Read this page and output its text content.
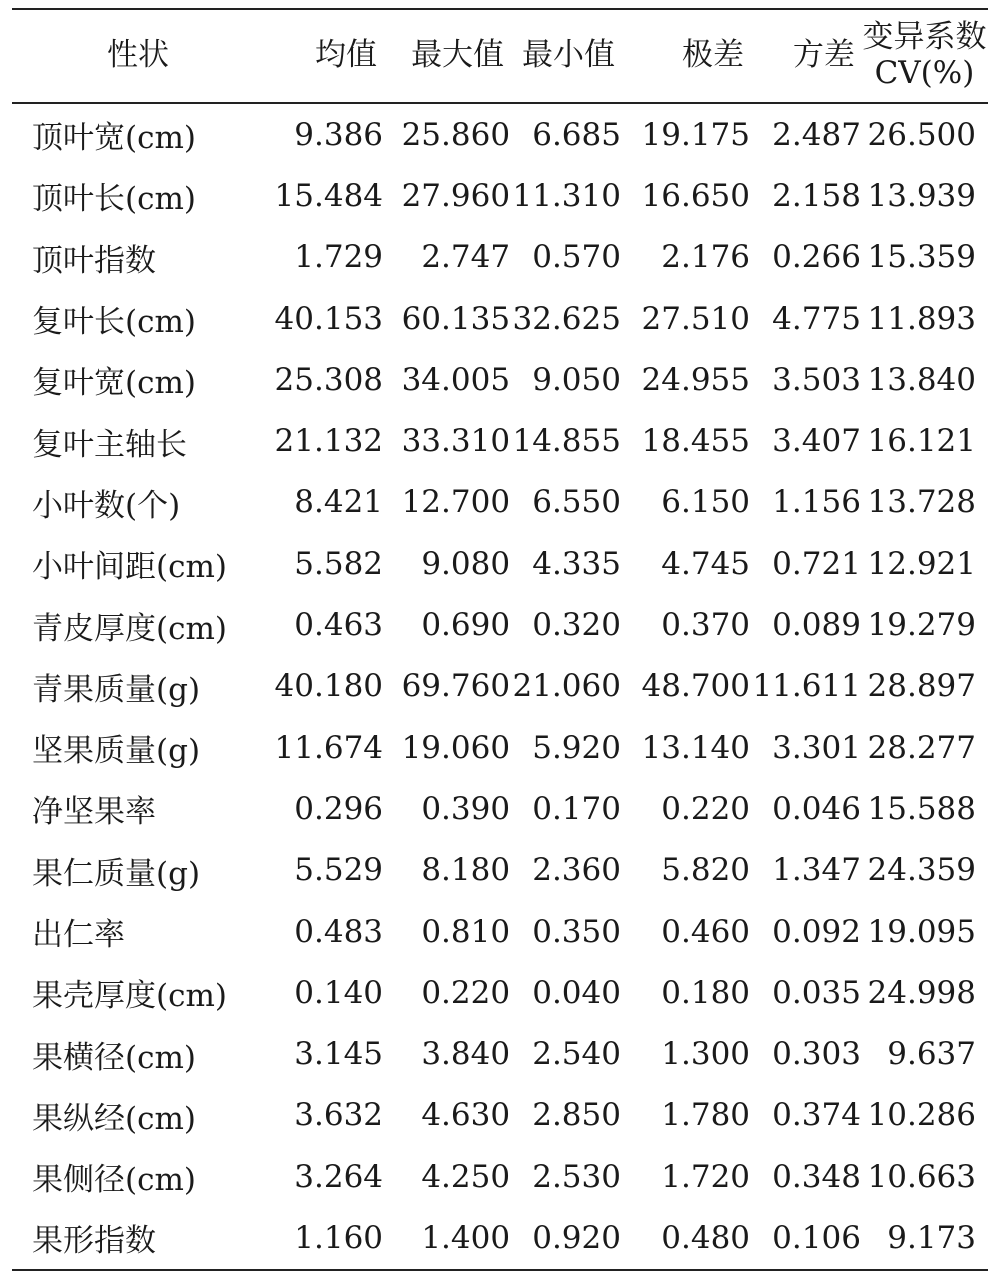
性状	均值	最大值	最小值	极差	方差	变异系数
CV(%)

顶叶宽(cm)	9.386	25.860	6.685	19.175	2.487	26.500
顶叶长(cm)	15.484	27.960	11.310	16.650	2.158	13.939
顶叶指数	1.729	2.747	0.570	2.176	0.266	15.359
复叶长(cm)	40.153	60.135	32.625	27.510	4.775	11.893
复叶宽(cm)	25.308	34.005	9.050	24.955	3.503	13.840
复叶主轴长	21.132	33.310	14.855	18.455	3.407	16.121
小叶数(个)	8.421	12.700	6.550	6.150	1.156	13.728
小叶间距(cm)	5.582	9.080	4.335	4.745	0.721	12.921
青皮厚度(cm)	0.463	0.690	0.320	0.370	0.089	19.279
青果质量(g)	40.180	69.760	21.060	48.700	11.611	28.897
坚果质量(g)	11.674	19.060	5.920	13.140	3.301	28.277
净坚果率	0.296	0.390	0.170	0.220	0.046	15.588
果仁质量(g)	5.529	8.180	2.360	5.820	1.347	24.359
出仁率	0.483	0.810	0.350	0.460	0.092	19.095
果壳厚度(cm)	0.140	0.220	0.040	0.180	0.035	24.998
果横径(cm)	3.145	3.840	2.540	1.300	0.303	9.637
果纵经(cm)	3.632	4.630	2.850	1.780	0.374	10.286
果侧径(cm)	3.264	4.250	2.530	1.720	0.348	10.663
果形指数	1.160	1.400	0.920	0.480	0.106	9.173
